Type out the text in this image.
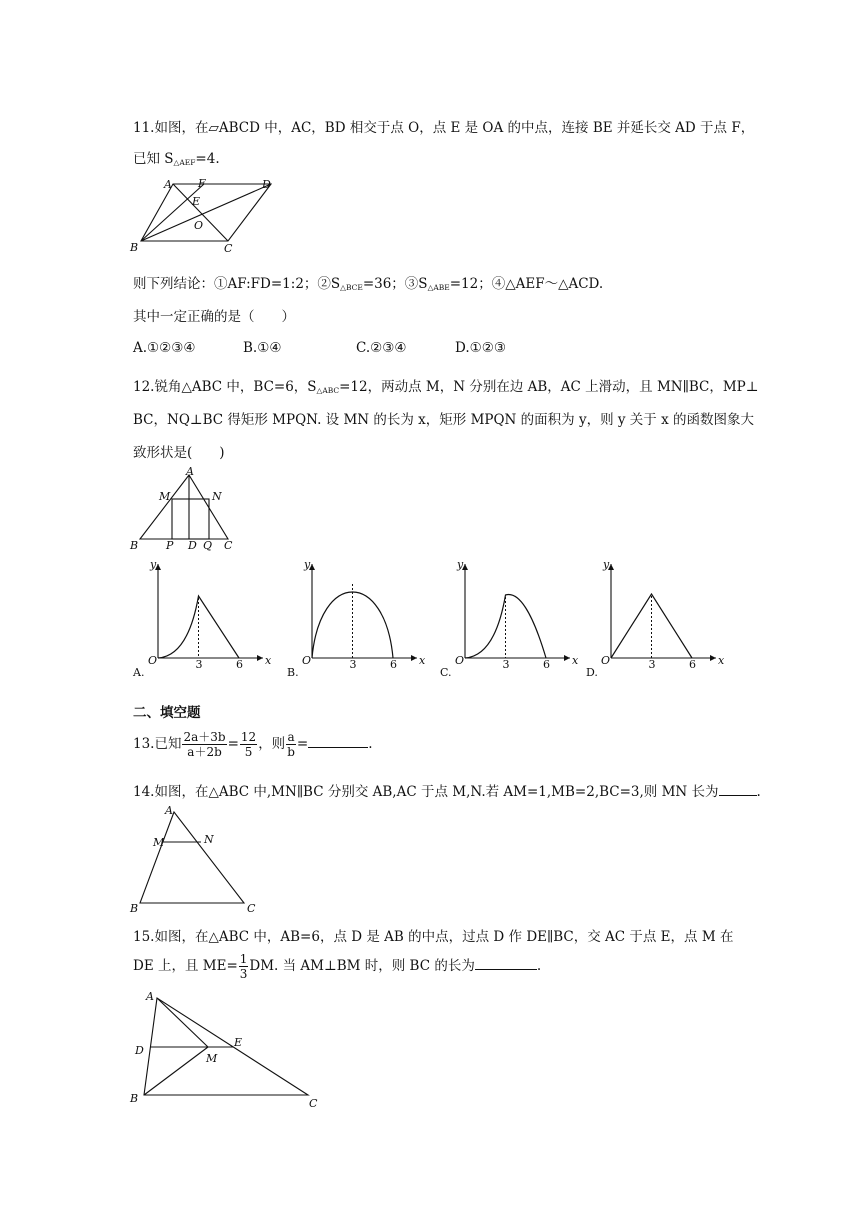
11.如图，在▱ABCD 中，AC，BD 相交于点 O，点 E 是 OA 的中点，连接 BE 并延长交 AD 于点 F，
已知 $S_{\triangle AEF}=4$.
A F	D
E
O
B	C
则下列结论：①AF:FD=1:2；$②S_{\triangle BCE}=36$；$③S_{\triangle ABE}=12$；④△AEF～△ACD.
其中一定正确的是（　　）
A.①②③④	B.①④	C.②③④	D.①②③
12.锐角△ABC 中，BC=6，$S_{\triangle ABC}=12$，两动点 M，N 分别在边 AB，AC 上滑动，且 MN∥BC，MP⊥
BC，NQ⊥BC 得矩形 MPQN. 设 MN 的长为 x，矩形 MPQN 的面积为 y，则 y 关于 x 的函数图象大
致形状是(　　)
A
M	N
B	P D Q C
y
x
O	3	6
A.
y
x
O	3	6
B.
y
x
O	3	6
C.
y
x
O	3	6
D.
二、填空题
13.已知 $\frac{2a+3b}{a+2b} = \frac{12}{5}$ ，则 $\frac{a}{b}$ =	.
14.如图，在△ABC 中,MN∥BC 分别交 AB,AC 于点 M,N.若 AM=1,MB=2,BC=3,则 MN 长为	.
A
M	N
B	C
15.如图，在△ABC 中，AB=6，点 D 是 AB 的中点，过点 D 作 DE∥BC，交 AC 于点 E，点 M 在
DE 上，且 $ME= \frac{1}{3}$ DM. 当 AM⊥BM 时，则 BC 的长为	.
A
D
M
E
B	C
